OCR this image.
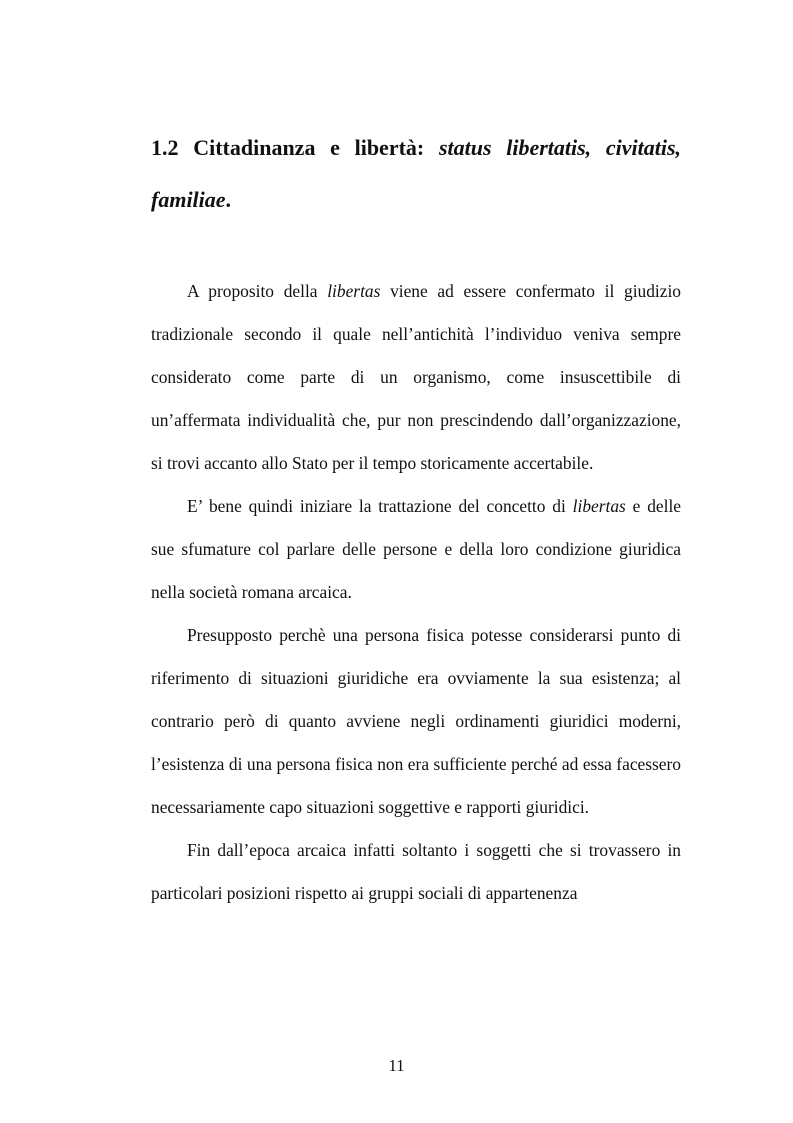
1.2 Cittadinanza e libertà: status libertatis, civitatis, familiae.

A proposito della libertas viene ad essere confermato il giudizio tradizionale secondo il quale nell’antichità l’individuo veniva sempre considerato come parte di un organismo, come insuscettibile di un’affermata individualità che, pur non prescindendo dall’organizzazione, si trovi accanto allo Stato per il tempo storicamente accertabile.

E’ bene quindi iniziare la trattazione del concetto di libertas e delle sue sfumature col parlare delle persone e della loro condizione giuridica nella società romana arcaica.

Presupposto perchè una persona fisica potesse considerarsi punto di riferimento di situazioni giuridiche era ovviamente la sua esistenza; al contrario però di quanto avviene negli ordinamenti giuridici moderni, l’esistenza di una persona fisica non era sufficiente perché ad essa facessero necessariamente capo situazioni soggettive e rapporti giuridici.

Fin dall’epoca arcaica infatti soltanto i soggetti che si trovassero in particolari posizioni rispetto ai gruppi sociali di appartenenza

11
